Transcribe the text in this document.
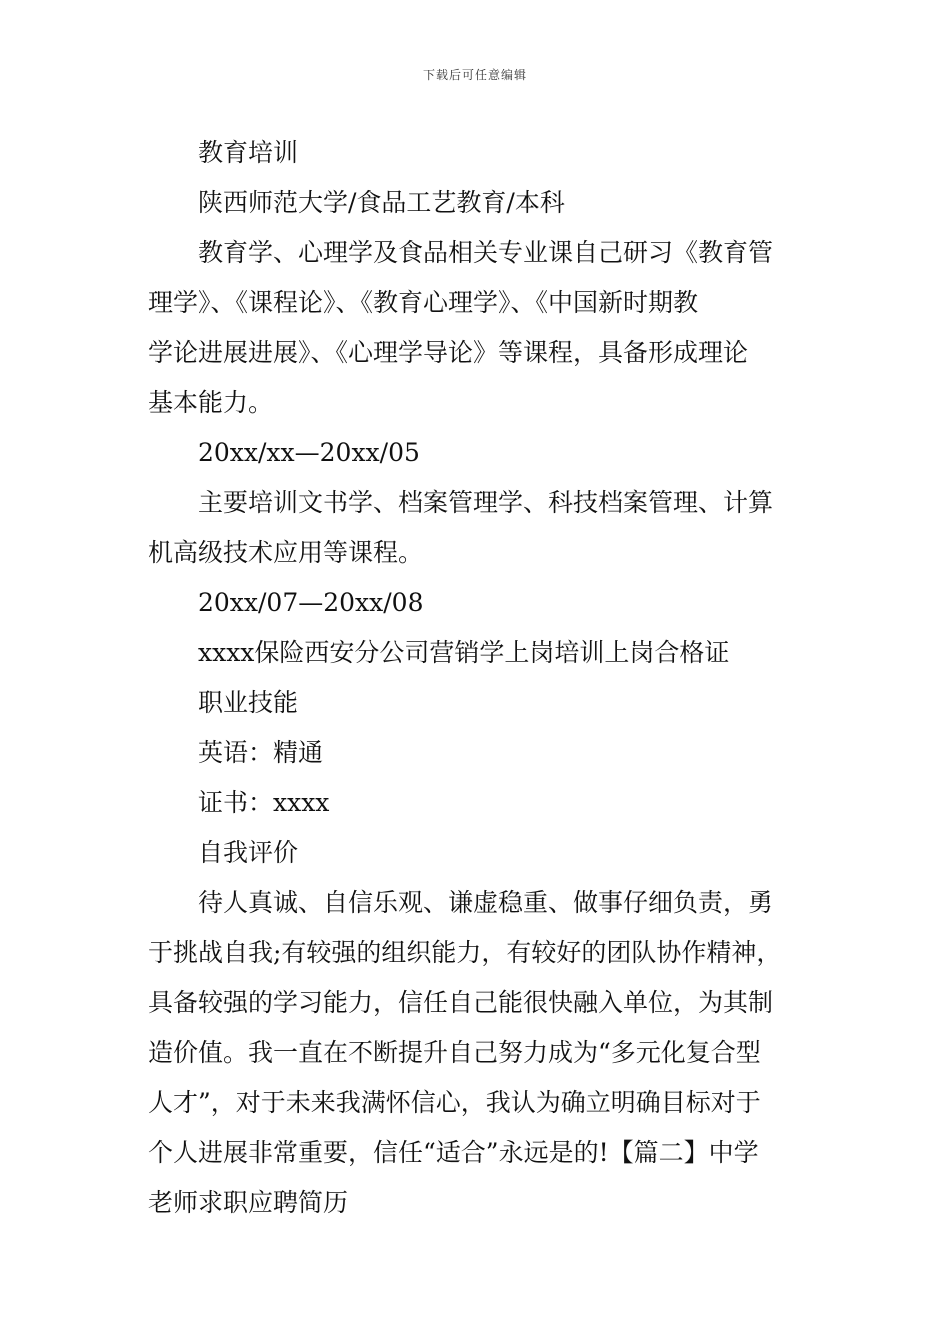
下载后可任意编辑
教育培训
陕西师范大学/食品工艺教育/本科
教育学、心理学及食品相关专业课自己研习《教育管
理学》、《课程论》、《教育心理学》、《中国新时期教
学论进展进展》、《心理学导论》等课程，具备形成理论
基本能力。
20xx/xx—20xx/05
主要培训文书学、档案管理学、科技档案管理、计算
机高级技术应用等课程。
20xx/07—20xx/08
xxxx保险西安分公司营销学上岗培训上岗合格证
职业技能
英语：精通
证书：xxxx
自我评价
待人真诚、自信乐观、谦虚稳重、做事仔细负责，勇
于挑战自我;有较强的组织能力，有较好的团队协作精神，
具备较强的学习能力，信任自己能很快融入单位，为其制
造价值。我一直在不断提升自己努力成为“多元化复合型
人才”，对于未来我满怀信心，我认为确立明确目标对于
个人进展非常重要，信任“适合”永远是的!【篇二】中学
老师求职应聘简历
